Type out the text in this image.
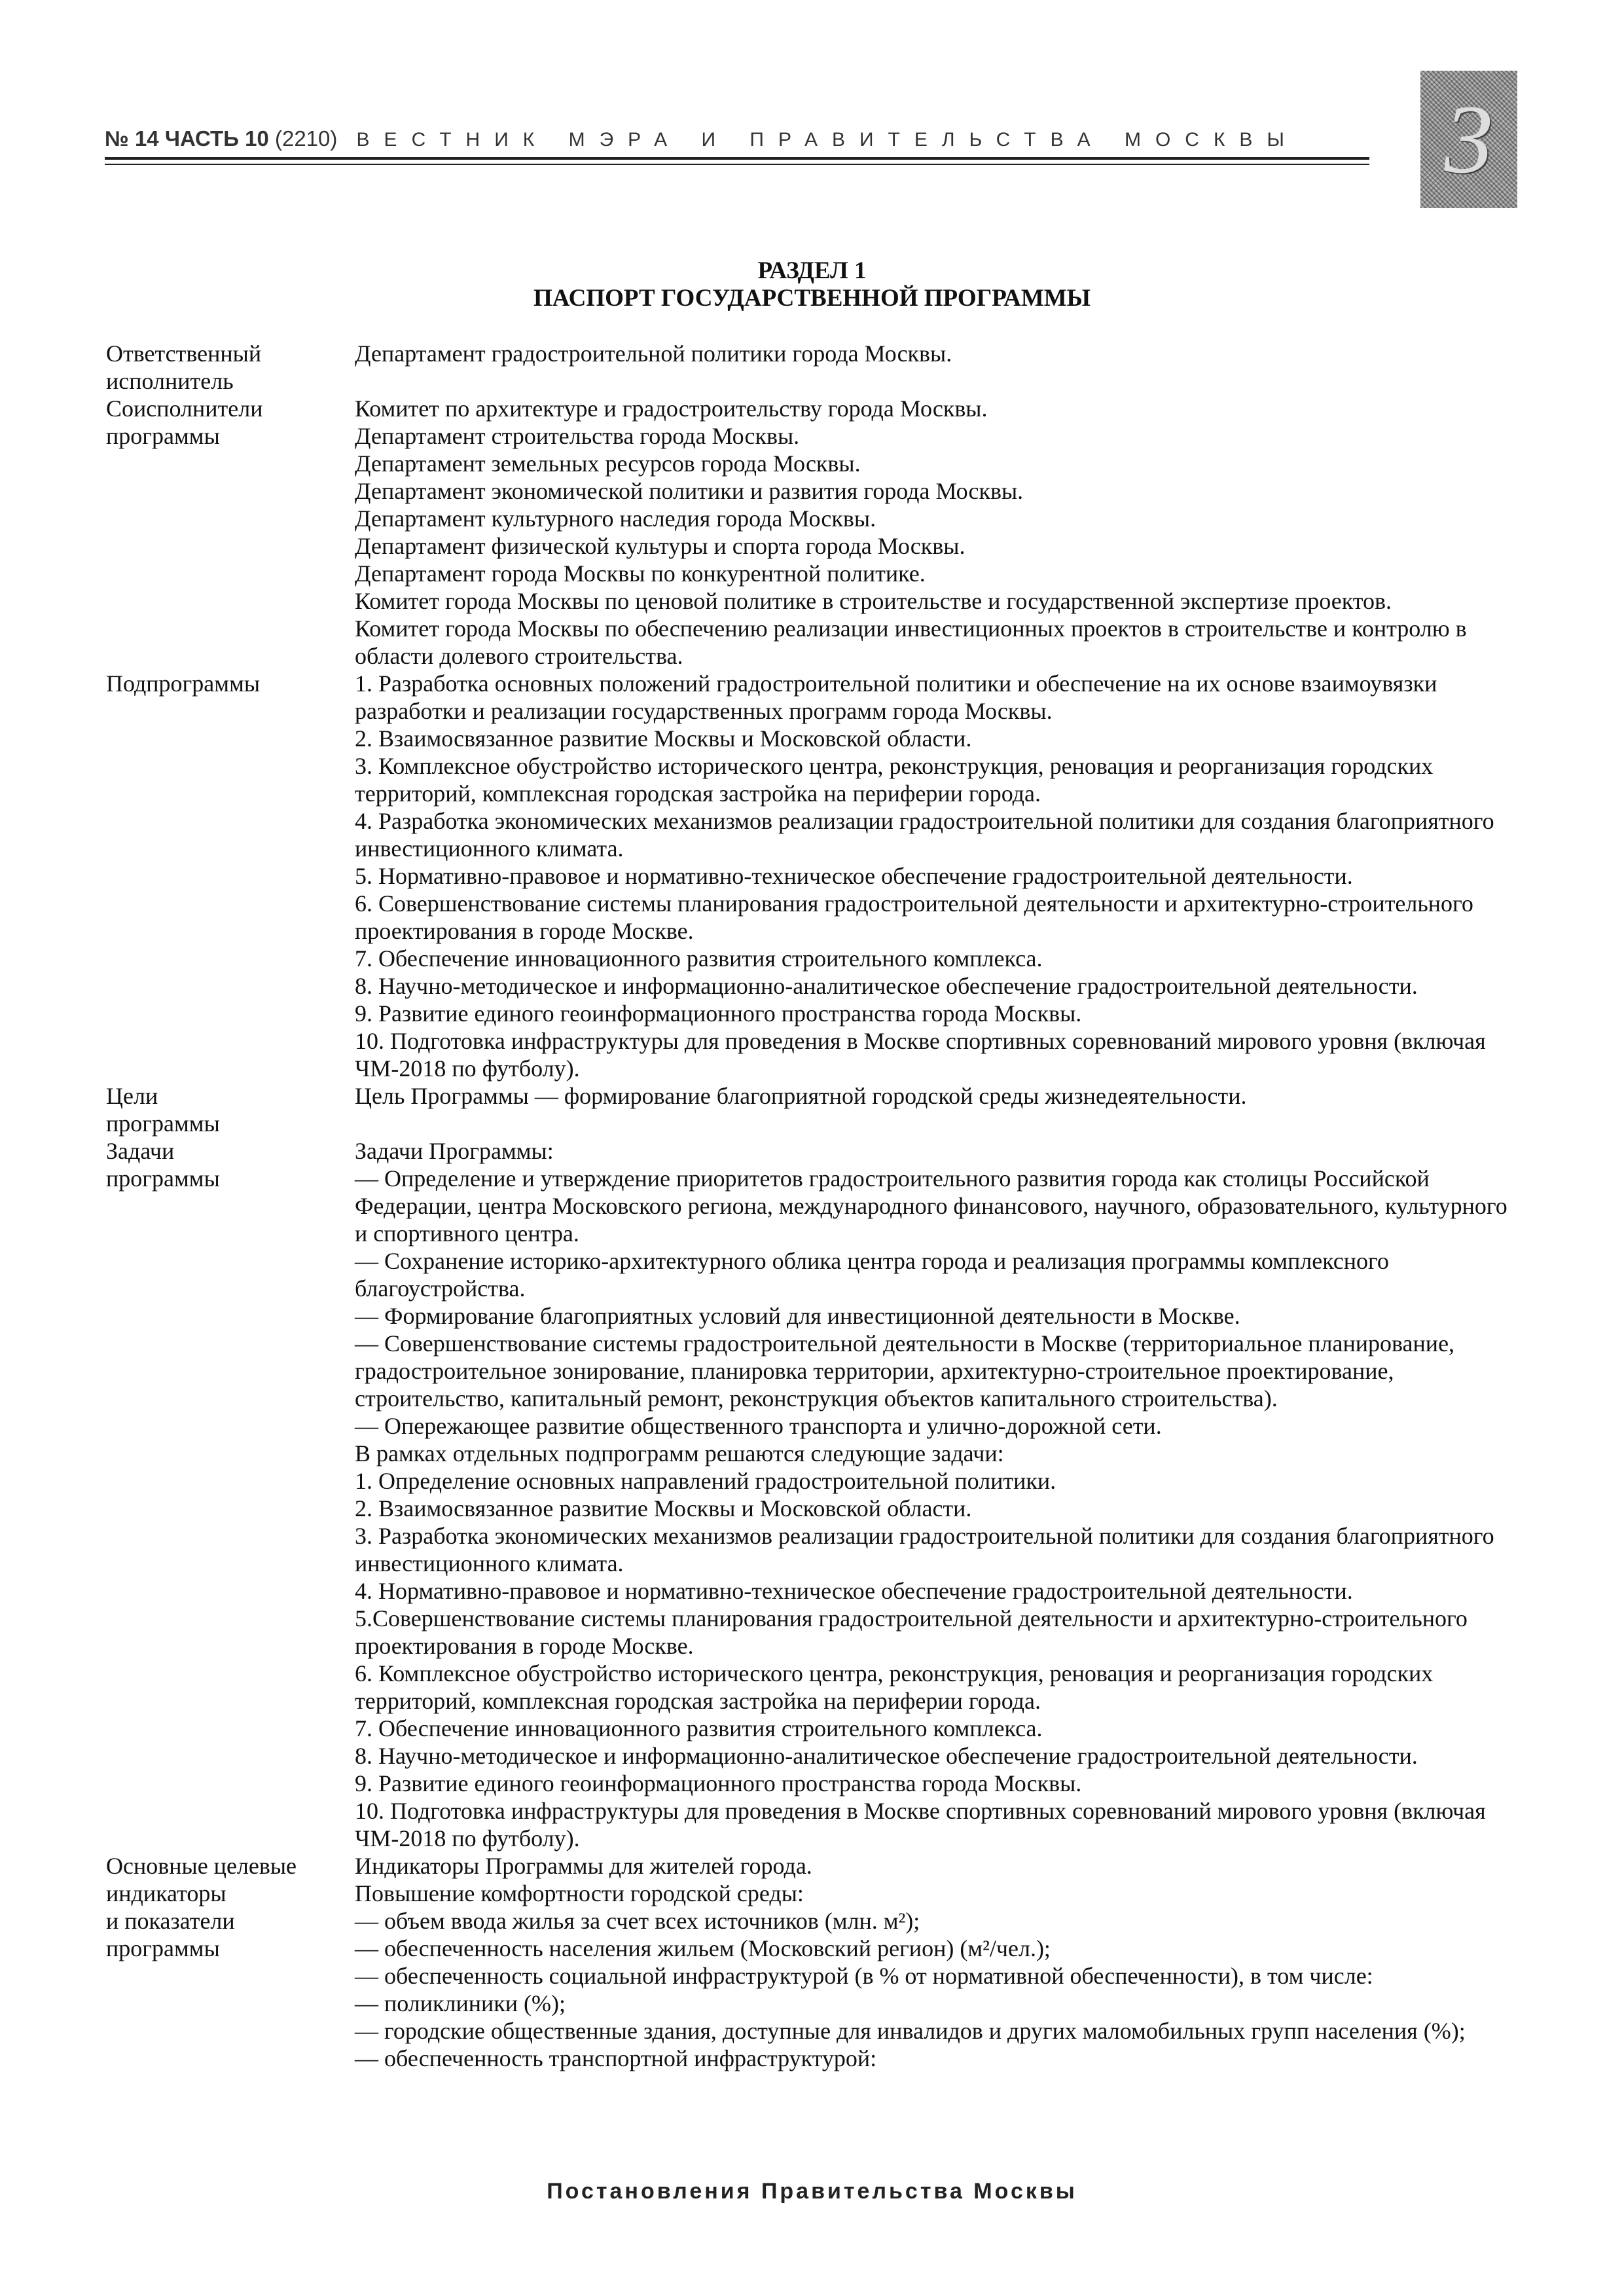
№ 14 ЧАСТЬ 10 (2210) ВЕСТНИК МЭРА И ПРАВИТЕЛЬСТВА МОСКВЫ	3
РАЗДЕЛ 1
ПАСПОРТ ГОСУДАРСТВЕННОЙ ПРОГРАММЫ
Ответственный
исполнитель
Департамент градостроительной политики города Москвы.
Соисполнители
программы
Комитет по архитектуре и градостроительству города Москвы.
Департамент строительства города Москвы.
Департамент земельных ресурсов города Москвы.
Департамент экономической политики и развития города Москвы.
Департамент культурного наследия города Москвы.
Департамент физической культуры и спорта города Москвы.
Департамент города Москвы по конкурентной политике.
Комитет города Москвы по ценовой политике в строительстве и государственной экспертизе проектов.
Комитет города Москвы по обеспечению реализации инвестиционных проектов в строительстве и контролю в области долевого строительства.
Подпрограммы	1. Разработка основных положений градостроительной политики и обеспечение на их основе взаимоувязки разработки и реализации государственных программ города Москвы.
2. Взаимосвязанное развитие Москвы и Московской области.
3. Комплексное обустройство исторического центра, реконструкция, реновация и реорганизация городских территорий, комплексная городская застройка на периферии города.
4. Разработка экономических механизмов реализации градостроительной политики для создания благоприятного инвестиционного климата.
5. Нормативно-правовое и нормативно-техническое обеспечение градостроительной деятельности.
6. Совершенствование системы планирования градостроительной деятельности и архитектурно-строительного проектирования в городе Москве.
7. Обеспечение инновационного развития строительного комплекса.
8. Научно-методическое и информационно-аналитическое обеспечение градостроительной деятельности.
9. Развитие единого геоинформационного пространства города Москвы.
10. Подготовка инфраструктуры для проведения в Москве спортивных соревнований мирового уровня (включая ЧМ-2018 по футболу).
Цели
программы
Цель Программы — формирование благоприятной городской среды жизнедеятельности.
Задачи
программы
Задачи Программы:
— Определение и утверждение приоритетов градостроительного развития города как столицы Российской Федерации, центра Московского региона, международного финансового, научного, образовательного, культурного и спортивного центра.
— Сохранение историко-архитектурного облика центра города и реализация программы комплексного благоустройства.
— Формирование благоприятных условий для инвестиционной деятельности в Москве.
— Совершенствование системы градостроительной деятельности в Москве (территориальное планирование, градостроительное зонирование, планировка территории, архитектурно-строительное проектирование, строительство, капитальный ремонт, реконструкция объектов капитального строительства).
— Опережающее развитие общественного транспорта и улично-дорожной сети.
В рамках отдельных подпрограмм решаются следующие задачи:
1. Определение основных направлений градостроительной политики.
2. Взаимосвязанное развитие Москвы и Московской области.
3. Разработка экономических механизмов реализации градостроительной политики для создания благоприятного инвестиционного климата.
4. Нормативно-правовое и нормативно-техническое обеспечение градостроительной деятельности.
5.Совершенствование системы планирования градостроительной деятельности и архитектурно-строительного проектирования в городе Москве.
6. Комплексное обустройство исторического центра, реконструкция, реновация и реорганизация городских территорий, комплексная городская застройка на периферии города.
7. Обеспечение инновационного развития строительного комплекса.
8. Научно-методическое и информационно-аналитическое обеспечение градостроительной деятельности.
9. Развитие единого геоинформационного пространства города Москвы.
10. Подготовка инфраструктуры для проведения в Москве спортивных соревнований мирового уровня (включая ЧМ-2018 по футболу).
Основные целевые
индикаторы
и показатели
программы
Индикаторы Программы для жителей города.
Повышение комфортности городской среды:
— объем ввода жилья за счет всех источников (млн. м²);
— обеспеченность населения жильем (Московский регион) (м²/чел.);
— обеспеченность социальной инфраструктурой (в % от нормативной обеспеченности), в том числе:
— поликлиники (%);
— городские общественные здания, доступные для инвалидов и других маломобильных групп населения (%);
— обеспеченность транспортной инфраструктурой:
Постановления Правительства Москвы
